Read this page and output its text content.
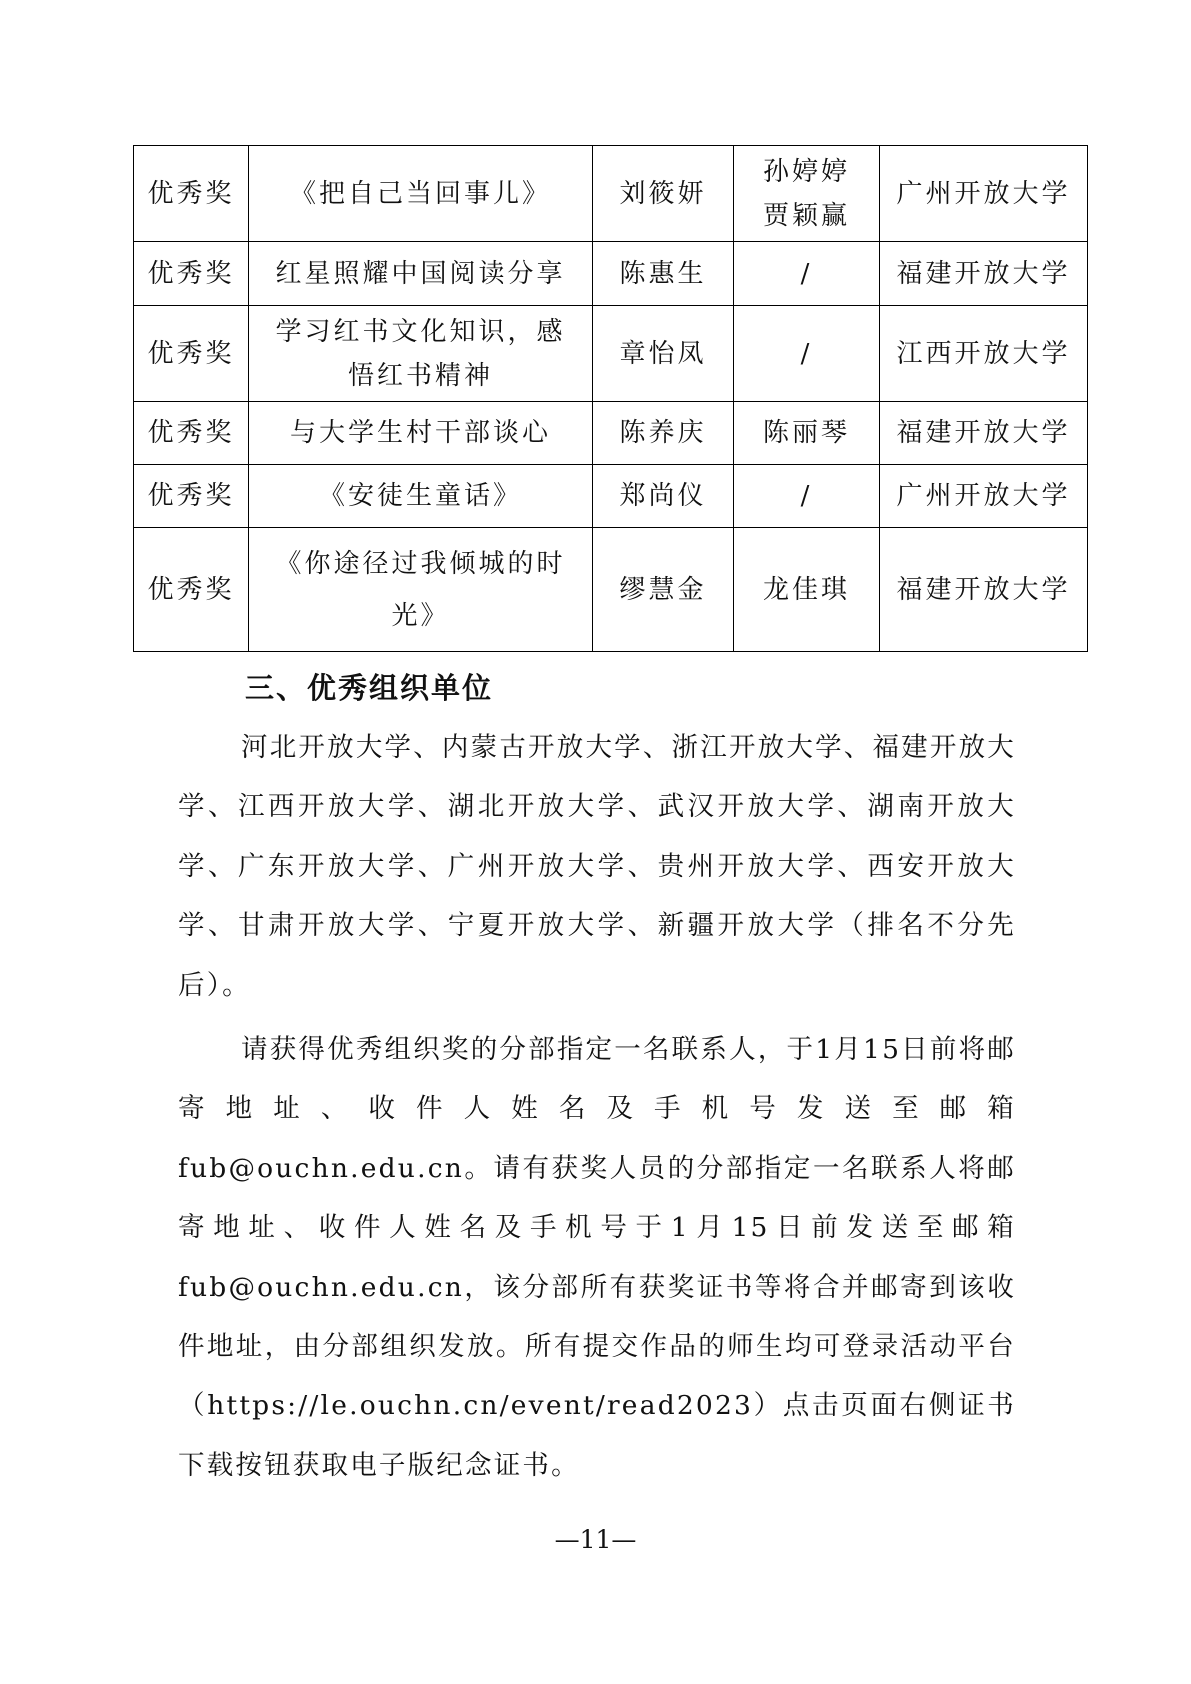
优秀奖	《把自己当回事儿》	刘筱妍	孙婷婷贾颖赢	广州开放大学
优秀奖	红星照耀中国阅读分享	陈惠生	/	福建开放大学
优秀奖	学习红书文化知识，感悟红书精神	章怡凤	/	江西开放大学
优秀奖	与大学生村干部谈心	陈养庆	陈丽琴	福建开放大学
优秀奖	《安徒生童话》	郑尚仪	/	广州开放大学
优秀奖	《你途径过我倾城的时光》	缪慧金	龙佳琪	福建开放大学
三、优秀组织单位

河北开放大学、内蒙古开放大学、浙江开放大学、福建开放大学、江西开放大学、湖北开放大学、武汉开放大学、湖南开放大学、广东开放大学、广州开放大学、贵州开放大学、西安开放大学、甘肃开放大学、宁夏开放大学、新疆开放大学（排名不分先后）。

请获得优秀组织奖的分部指定一名联系人，于1月15日前将邮寄地址、收件人姓名及手机号发送至邮箱 fub@ouchn.edu.cn。请有获奖人员的分部指定一名联系人将邮寄地址、收件人姓名及手机号于1月15日前发送至邮箱 fub@ouchn.edu.cn，该分部所有获奖证书等将合并邮寄到该收件地址，由分部组织发放。所有提交作品的师生均可登录活动平台（https://le.ouchn.cn/event/read2023）点击页面右侧证书下载按钮获取电子版纪念证书。

—11—
